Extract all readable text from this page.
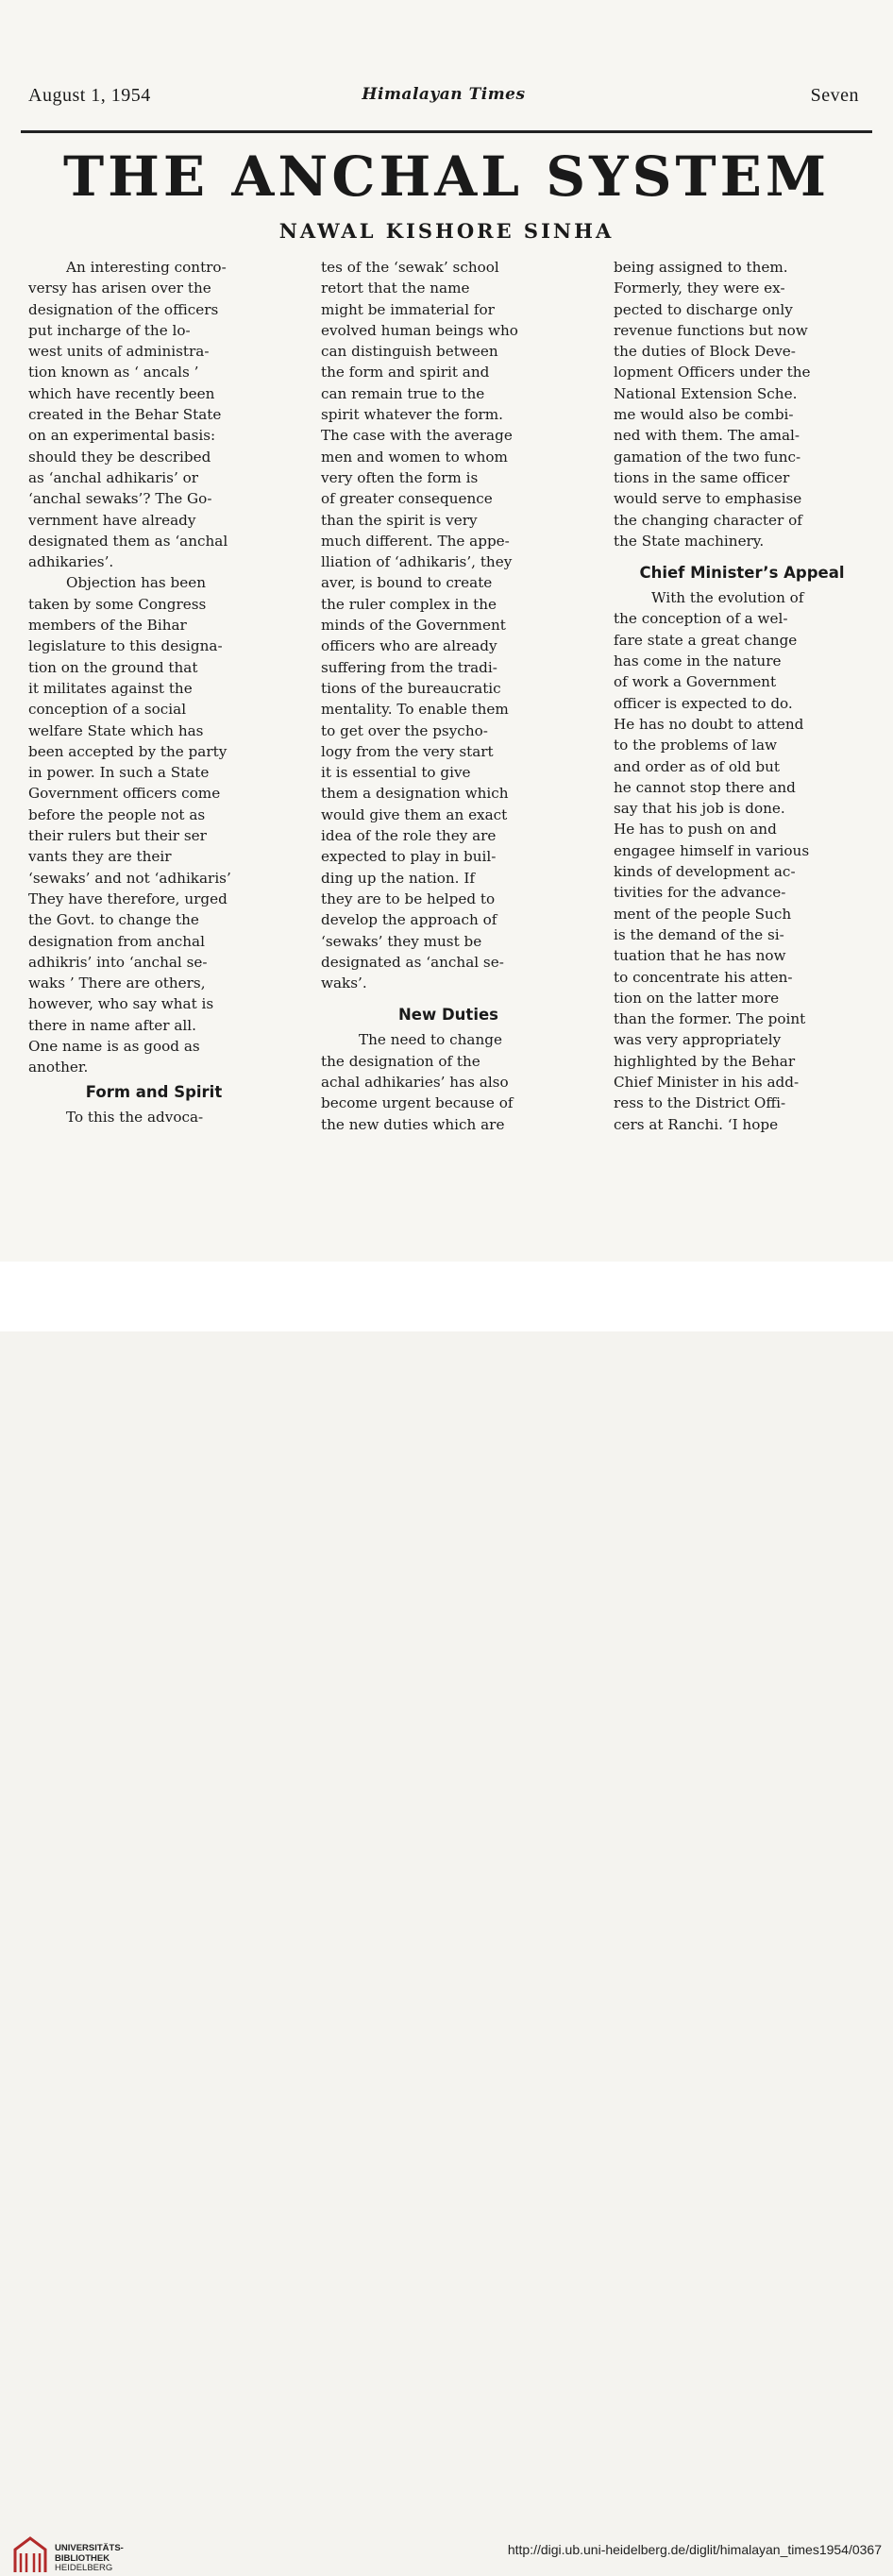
August 1, 1954	Himalayan Times	Seven
THE ANCHAL SYSTEM
NAWAL KISHORE SINHA
An interesting contro-
versy has arisen over the
designation of the officers
put incharge of the lo-
west units of administra-
tion known as ‘ ancals ’
which have recently been
created in the Behar State
on an experimental basis:
should they be described
as ‘anchal adhikaris’ or
‘anchal sewaks’? The Go-
vernment have already
designated them as ‘anchal
adhikaries’.
Objection has been
taken by some Congress
members of the Bihar
legislature to this designa-
tion on the ground that
it militates against the
conception of a social
welfare State which has
been accepted by the party
in power. In such a State
Government officers come
before the people not as
their rulers but their ser
vants they are their
‘sewaks’ and not ‘adhikaris’
They have therefore, urged
the Govt. to change the
designation from anchal
adhikris’ into ‘anchal se-
waks ’ There are others,
however, who say what is
there in name after all.
One name is as good as
another.
Form and Spirit
To this the advoca-
tes of the ‘sewak’ school
retort that the name
might be immaterial for
evolved human beings who
can distinguish between
the form and spirit and
can remain true to the
spirit whatever the form.
The case with the average
men and women to whom
very often the form is
of greater consequence
than the spirit is very
much different. The appe-
lliation of ‘adhikaris’, they
aver, is bound to create
the ruler complex in the
minds of the Government
officers who are already
suffering from the tradi-
tions of the bureaucratic
mentality. To enable them
to get over the psycho-
logy from the very start
it is essential to give
them a designation which
would give them an exact
idea of the role they are
expected to play in buil-
ding up the nation. If
they are to be helped to
develop the approach of
‘sewaks’ they must be
designated as ‘anchal se-
waks’.
New Duties
The need to change
the designation of the
achal adhikaries’ has also
become urgent because of
the new duties which are
being assigned to them.
Formerly, they were ex-
pected to discharge only
revenue functions but now
the duties of Block Deve-
lopment Officers under the
National Extension Sche.
me would also be combi-
ned with them. The amal-
gamation of the two func-
tions in the same officer
would serve to emphasise
the changing character of
the State machinery.
Chief Minister’s Appeal
With the evolution of
the conception of a wel-
fare state a great change
has come in the nature
of work a Government
officer is expected to do.
He has no doubt to attend
to the problems of law
and order as of old but
he cannot stop there and
say that his job is done.
He has to push on and
engagee himself in various
kinds of development ac-
tivities for the advance-
ment of the people Such
is the demand of the si-
tuation that he has now
to concentrate his atten-
tion on the latter more
than the former. The point
was very appropriately
highlighted by the Behar
Chief Minister in his add-
ress to the District Offi-
cers at Ranchi. ‘I hope
UNIVERSITÄTS-
BIBLIOTHEK
HEIDELBERG
http://digi.ub.uni-heidelberg.de/diglit/himalayan_times1954/0367
